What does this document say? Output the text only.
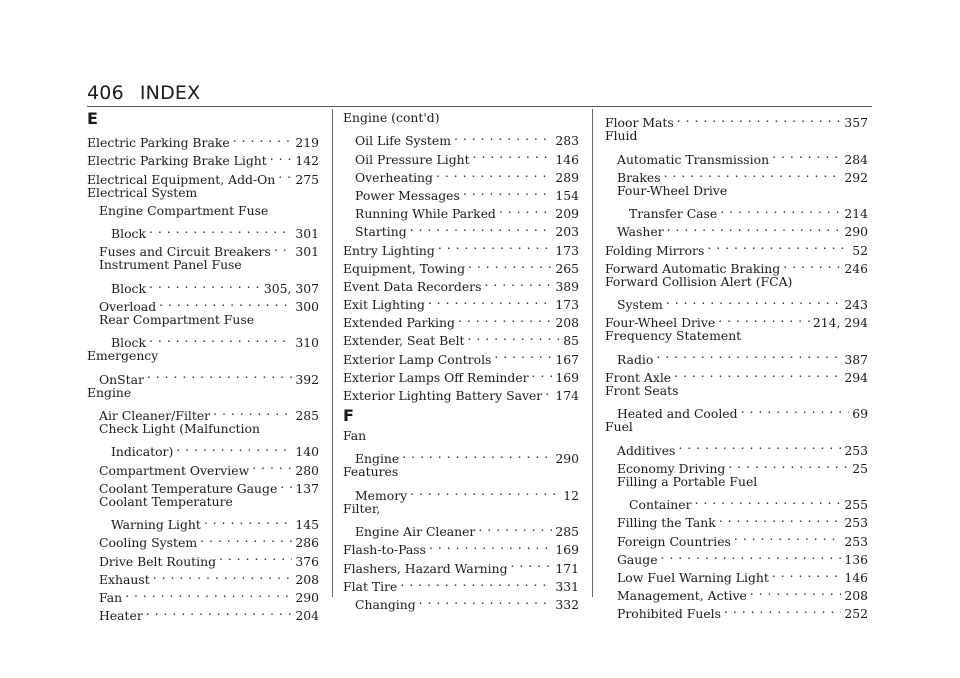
406 INDEX
E
Electric Parking Brake . . .	219
Electric Parking Brake Light . . . 142
Electrical Equipment, Add-On . . . 275
Electrical System
Engine Compartment Fuse
Block . . .	301
Fuses and Circuit Breakers . . . 301
Instrument Panel Fuse
Block . . .	305, 307
Overload . . .	300
Rear Compartment Fuse
Block . . .	310
Emergency
OnStar . . .	392
Engine
Air Cleaner/Filter . . .	285
Check Light (Malfunction
Indicator) . . .	140
Compartment Overview . . .	280
Coolant Temperature Gauge . . . 137
Coolant Temperature
Warning Light . . .	145
Cooling System . . .	286
Drive Belt Routing . . .	376
Exhaust . . .	208
Fan . . .	290
Heater . . .	204
Engine (cont'd)
Oil Life System . . .	283
Oil Pressure Light . . .	146
Overheating . . .	289
Power Messages . . .	154
Running While Parked . . .	209
Starting . . .	203
Entry Lighting . . .	173
Equipment, Towing . . .	265
Event Data Recorders . . .	389
Exit Lighting . . .	173
Extended Parking . . .	208
Extender, Seat Belt . . .	85
Exterior Lamp Controls . . .	167
Exterior Lamps Off Reminder . . . 169
Exterior Lighting Battery Saver . . . 174
F
Fan
Engine . . .	290
Features
Memory . . .	12
Filter,
Engine Air Cleaner . . .	285
Flash-to-Pass . . .	169
Flashers, Hazard Warning . . .	171
Flat Tire . . .	331
Changing . . .	332
Floor Mats . . .	357
Fluid
Automatic Transmission . . .	284
Brakes . . .	292
Four-Wheel Drive
Transfer Case . . .	214
Washer . . .	290
Folding Mirrors . . .	52
Forward Automatic Braking . . .	246
Forward Collision Alert (FCA)
System . . .	243
Four-Wheel Drive . . .	214, 294
Frequency Statement
Radio . . .	387
Front Axle . . .	294
Front Seats
Heated and Cooled . . .	69
Fuel
Additives . . .	253
Economy Driving . . .	25
Filling a Portable Fuel
Container . . .	255
Filling the Tank . . .	253
Foreign Countries . . .	253
Gauge . . .	136
Low Fuel Warning Light . . .	146
Management, Active . . .	208
Prohibited Fuels . . .	252
